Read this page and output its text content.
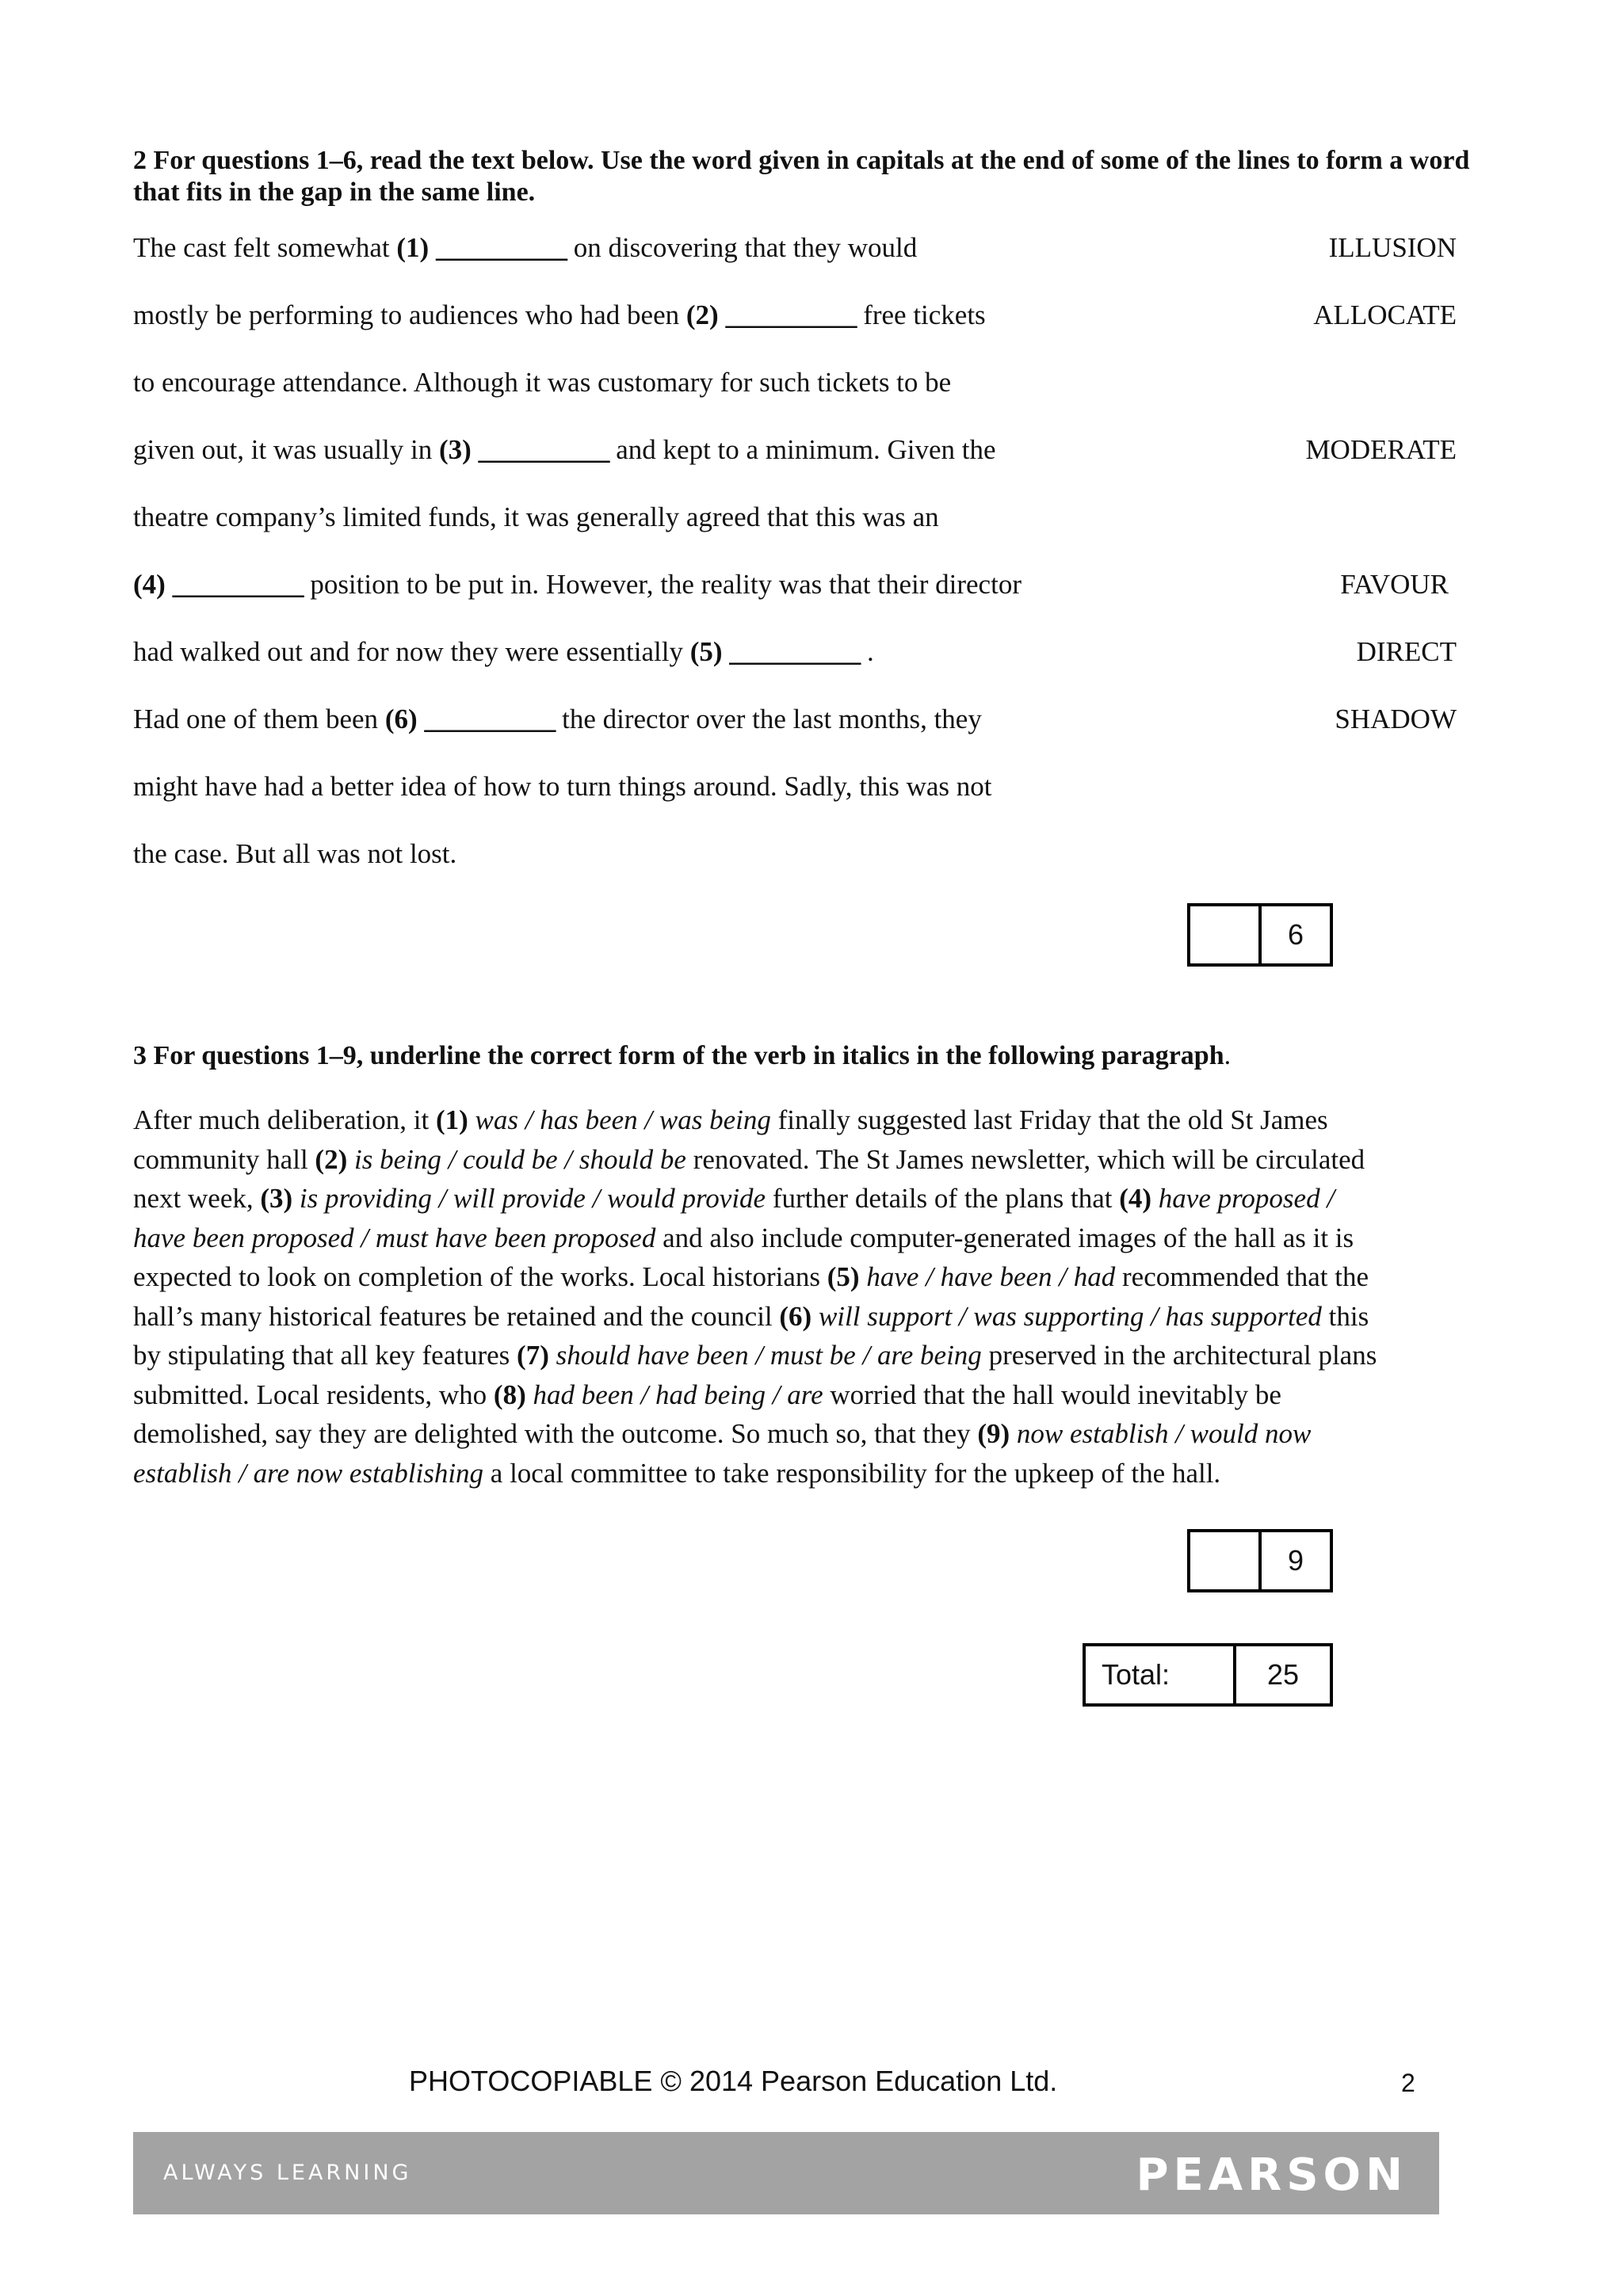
2 For questions 1–6, read the text below. Use the word given in capitals at the end of some of the lines to form a word that fits in the gap in the same line.
The cast felt somewhat (1) __________ on discovering that they would	ILLUSION
mostly be performing to audiences who had been (2) __________ free tickets	ALLOCATE
to encourage attendance. Although it was customary for such tickets to be
given out, it was usually in (3) __________ and kept to a minimum. Given the	MODERATE
theatre company’s limited funds, it was generally agreed that this was an
(4) __________ position to be put in. However, the reality was that their director	FAVOUR
had walked out and for now they were essentially (5) __________ .	DIRECT
Had one of them been (6) __________ the director over the last months, they	SHADOW
might have had a better idea of how to turn things around. Sadly, this was not
the case. But all was not lost.
6
3 For questions 1–9, underline the correct form of the verb in italics in the following paragraph.
After much deliberation, it (1) was / has been / was being finally suggested last Friday that the old St James
community hall (2) is being / could be / should be renovated. The St James newsletter, which will be circulated
next week, (3) is providing / will provide / would provide further details of the plans that (4) have proposed /
have been proposed / must have been proposed and also include computer-generated images of the hall as it is
expected to look on completion of the works. Local historians (5) have / have been / had recommended that the
hall’s many historical features be retained and the council (6) will support / was supporting / has supported this
by stipulating that all key features (7) should have been / must be / are being preserved in the architectural plans
submitted. Local residents, who (8) had been / had being / are worried that the hall would inevitably be
demolished, say they are delighted with the outcome. So much so, that they (9) now establish / would now
establish / are now establishing a local committee to take responsibility for the upkeep of the hall.
9
Total:	25
PHOTOCOPIABLE © 2014 Pearson Education Ltd.	2
ALWAYS LEARNING	PEARSON
